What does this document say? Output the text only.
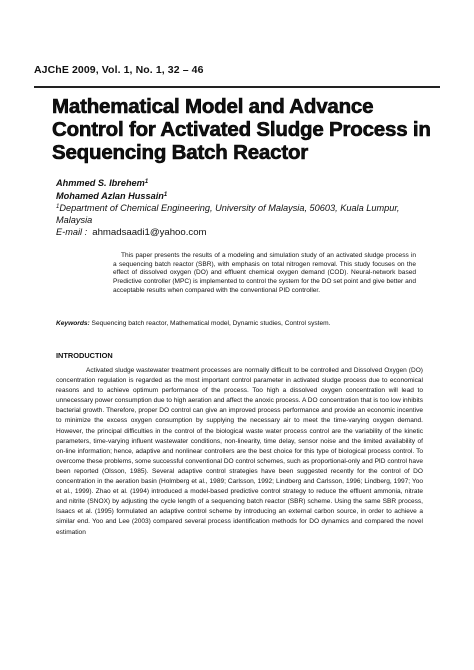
AJChE 2009, Vol. 1, No. 1, 32 – 46
Mathematical Model and Advance
Control for Activated Sludge Process in
Sequencing Batch Reactor
Ahmmed S. Ibrehem$^1$
Mohamed Azlan Hussain$^1$
$^1$Department of Chemical Engineering, University of Malaysia, 50603, Kuala Lumpur,
Malaysia
E-mail : ahmadsaadi1@yahoo.com
This paper presents the results of a modeling and simulation study of an activated sludge process in a sequencing batch reactor (SBR), with emphasis on total nitrogen removal. This study focuses on the effect of dissolved oxygen (DO) and effluent chemical oxygen demand (COD). Neural-network based Predictive controller (MPC) is implemented to control the system for the DO set point and give better and acceptable results when compared with the conventional PID controller.
Keywords: Sequencing batch reactor, Mathematical model, Dynamic studies, Control system.
INTRODUCTION
Activated sludge wastewater treatment processes are normally difficult to be controlled and Dissolved Oxygen (DO) concentration regulation is regarded as the most important control parameter in activated sludge process due to economical reasons and to achieve optimum performance of the process. Too high a dissolved oxygen concentration will lead to unnecessary power consumption due to high aeration and affect the anoxic process. A DO concentration that is too low inhibits bacterial growth. Therefore, proper DO control can give an improved process performance and provide an economic incentive to minimize the excess oxygen consumption by supplying the necessary air to meet the time-varying oxygen demand. However, the principal difficulties in the control of the biological waste water process control are the variability of the kinetic parameters, time-varying influent wastewater conditions, non-linearity, time delay, sensor noise and the limited availability of on-line information; hence, adaptive and nonlinear controllers are the best choice for this type of biological process control. To overcome these problems, some successful conventional DO control schemes, such as proportional-only and PID control have been reported (Olsson, 1985). Several adaptive control strategies have been suggested recently for the control of DO concentration in the aeration basin (Holmberg et al., 1989; Carlsson, 1992; Lindberg and Carlsson, 1996; Lindberg, 1997; Yoo et al., 1999). Zhao et al. (1994) introduced a model-based predictive control strategy to reduce the effluent ammonia, nitrate and nitrite (SNOX) by adjusting the cycle length of a sequencing batch reactor (SBR) scheme. Using the same SBR process, Isaacs et al. (1995) formulated an adaptive control scheme by introducing an external carbon source, in order to achieve a similar end. Yoo and Lee (2003) compared several process identification methods for DO dynamics and compared the novel estimation
